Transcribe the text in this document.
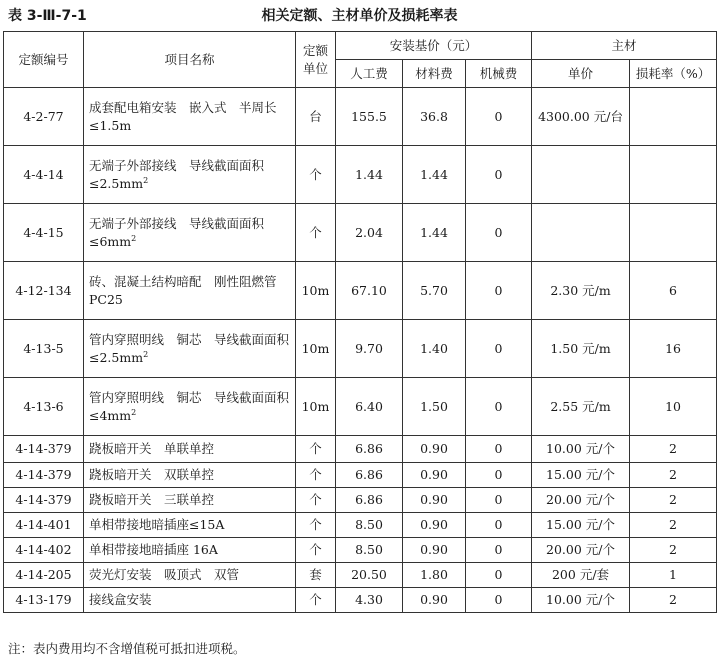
表 3-Ⅲ-7-1	相关定额、主材单价及损耗率表
定额编号	项目名称	定额单位	安装基价（元）			主材	
			人工费	材料费	机械费	单价	损耗率（%）
4-2-77	成套配电箱安装　嵌入式　半周长≤1.5m	台	155.5	36.8	0	4300.00 元/台	
4-4-14	无端子外部接线　导线截面面积$\le 2.5mm^2$	个	1.44	1.44	0		
4-4-15	无端子外部接线　导线截面面积$\le 6mm^2$	个	2.04	1.44	0		
4-12-134	砖、混凝土结构暗配　刚性阻燃管 PC25	10m	67.10	5.70	0	2.30 元/m	6
4-13-5	管内穿照明线　铜芯　导线截面面积$\le 2.5mm^2$	10m	9.70	1.40	0	1.50 元/m	16
4-13-6	管内穿照明线　铜芯　导线截面面积$\le 4mm^2$	10m	6.40	1.50	0	2.55 元/m	10
4-14-379	跷板暗开关　单联单控	个	6.86	0.90	0	10.00 元/个	2
4-14-379	跷板暗开关　双联单控	个	6.86	0.90	0	15.00 元/个	2
4-14-379	跷板暗开关　三联单控	个	6.86	0.90	0	20.00 元/个	2
4-14-401	单相带接地暗插座≤15A	个	8.50	0.90	0	15.00 元/个	2
4-14-402	单相带接地暗插座 16A	个	8.50	0.90	0	20.00 元/个	2
4-14-205	荧光灯安装　吸顶式　双管	套	20.50	1.80	0	200 元/套	1
4-13-179	接线盒安装	个	4.30	0.90	0	10.00 元/个	2
注：表内费用均不含增值税可抵扣进项税。
